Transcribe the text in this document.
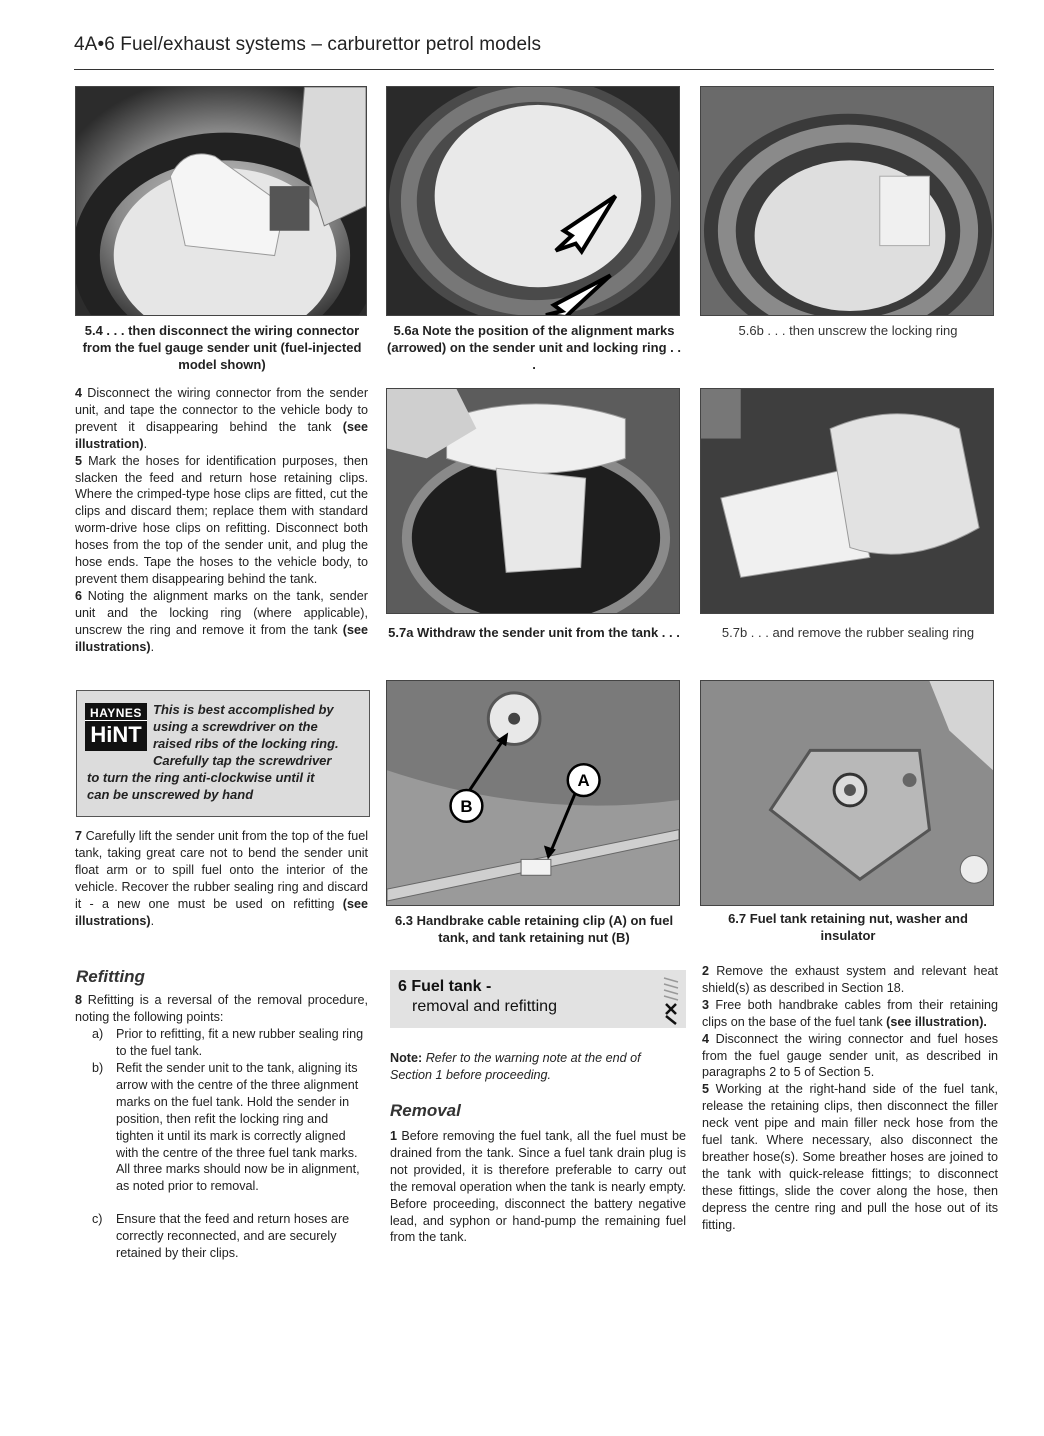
4A•6 Fuel/exhaust systems – carburettor petrol models
5.4 . . . then disconnect the wiring connector from the fuel gauge sender unit (fuel-injected model shown)
5.6a Note the position of the alignment marks (arrowed) on the sender unit and locking ring . . .
5.6b . . . then unscrew the locking ring

4 Disconnect the wiring connector from the sender unit, and tape the connector to the vehicle body to prevent it disappearing behind the tank (see illustration).

5 Mark the hoses for identification purposes, then slacken the feed and return hose retaining clips. Where the crimped-type hose clips are fitted, cut the clips and discard them; replace them with standard worm-drive hose clips on refitting. Disconnect both hoses from the top of the sender unit, and plug the hose ends. Tape the hoses to the vehicle body, to prevent them disappearing behind the tank.

6 Noting the alignment marks on the tank, sender unit and the locking ring (where applicable), unscrew the ring and remove it from the tank (see illustrations).

5.7a Withdraw the sender unit from the tank . . .	5.7b . . . and remove the rubber sealing ring
HAYNES
HiNT
This is best accomplished by
using a screwdriver on the
raised ribs of the locking ring.
Carefully tap the screwdriver
to turn the ring anti-clockwise until it
can be unscrewed by hand

7 Carefully lift the sender unit from the top of the fuel tank, taking great care not to bend the sender unit float arm or to spill fuel onto the interior of the vehicle. Recover the rubber sealing ring and discard it - a new one must be used on refitting (see illustrations).

B
A
6.3 Handbrake cable retaining clip (A) on fuel tank, and tank retaining nut (B)
6.7 Fuel tank retaining nut, washer and insulator
Refitting

8 Refitting is a reversal of the removal procedure, noting the following points:

a) Prior to refitting, fit a new rubber sealing ring to the fuel tank.
b) Refit the sender unit to the tank, aligning its arrow with the centre of the three alignment marks on the fuel tank. Hold the sender in position, then refit the locking ring and tighten it until its mark is correctly aligned with the centre of the three fuel tank marks. All three marks should now be in alignment, as noted prior to removal.
c) Ensure that the feed and return hoses are correctly reconnected, and are securely retained by their clips.
6 Fuel tank -
removal and refitting

Note: Refer to the warning note at the end of Section 1 before proceeding.

Removal

1 Before removing the fuel tank, all the fuel must be drained from the tank. Since a fuel tank drain plug is not provided, it is therefore preferable to carry out the removal operation when the tank is nearly empty. Before proceeding, disconnect the battery negative lead, and syphon or hand-pump the remaining fuel from the tank.

2 Remove the exhaust system and relevant heat shield(s) as described in Section 18.

3 Free both handbrake cables from their retaining clips on the base of the fuel tank (see illustration).

4 Disconnect the wiring connector and fuel hoses from the fuel gauge sender unit, as described in paragraphs 2 to 5 of Section 5.

5 Working at the right-hand side of the fuel tank, release the retaining clips, then disconnect the filler neck vent pipe and main filler neck hose from the fuel tank. Where necessary, also disconnect the breather hose(s). Some breather hoses are joined to the tank with quick-release fittings; to disconnect these fittings, slide the cover along the hose, then depress the centre ring and pull the hose out of its fitting.
